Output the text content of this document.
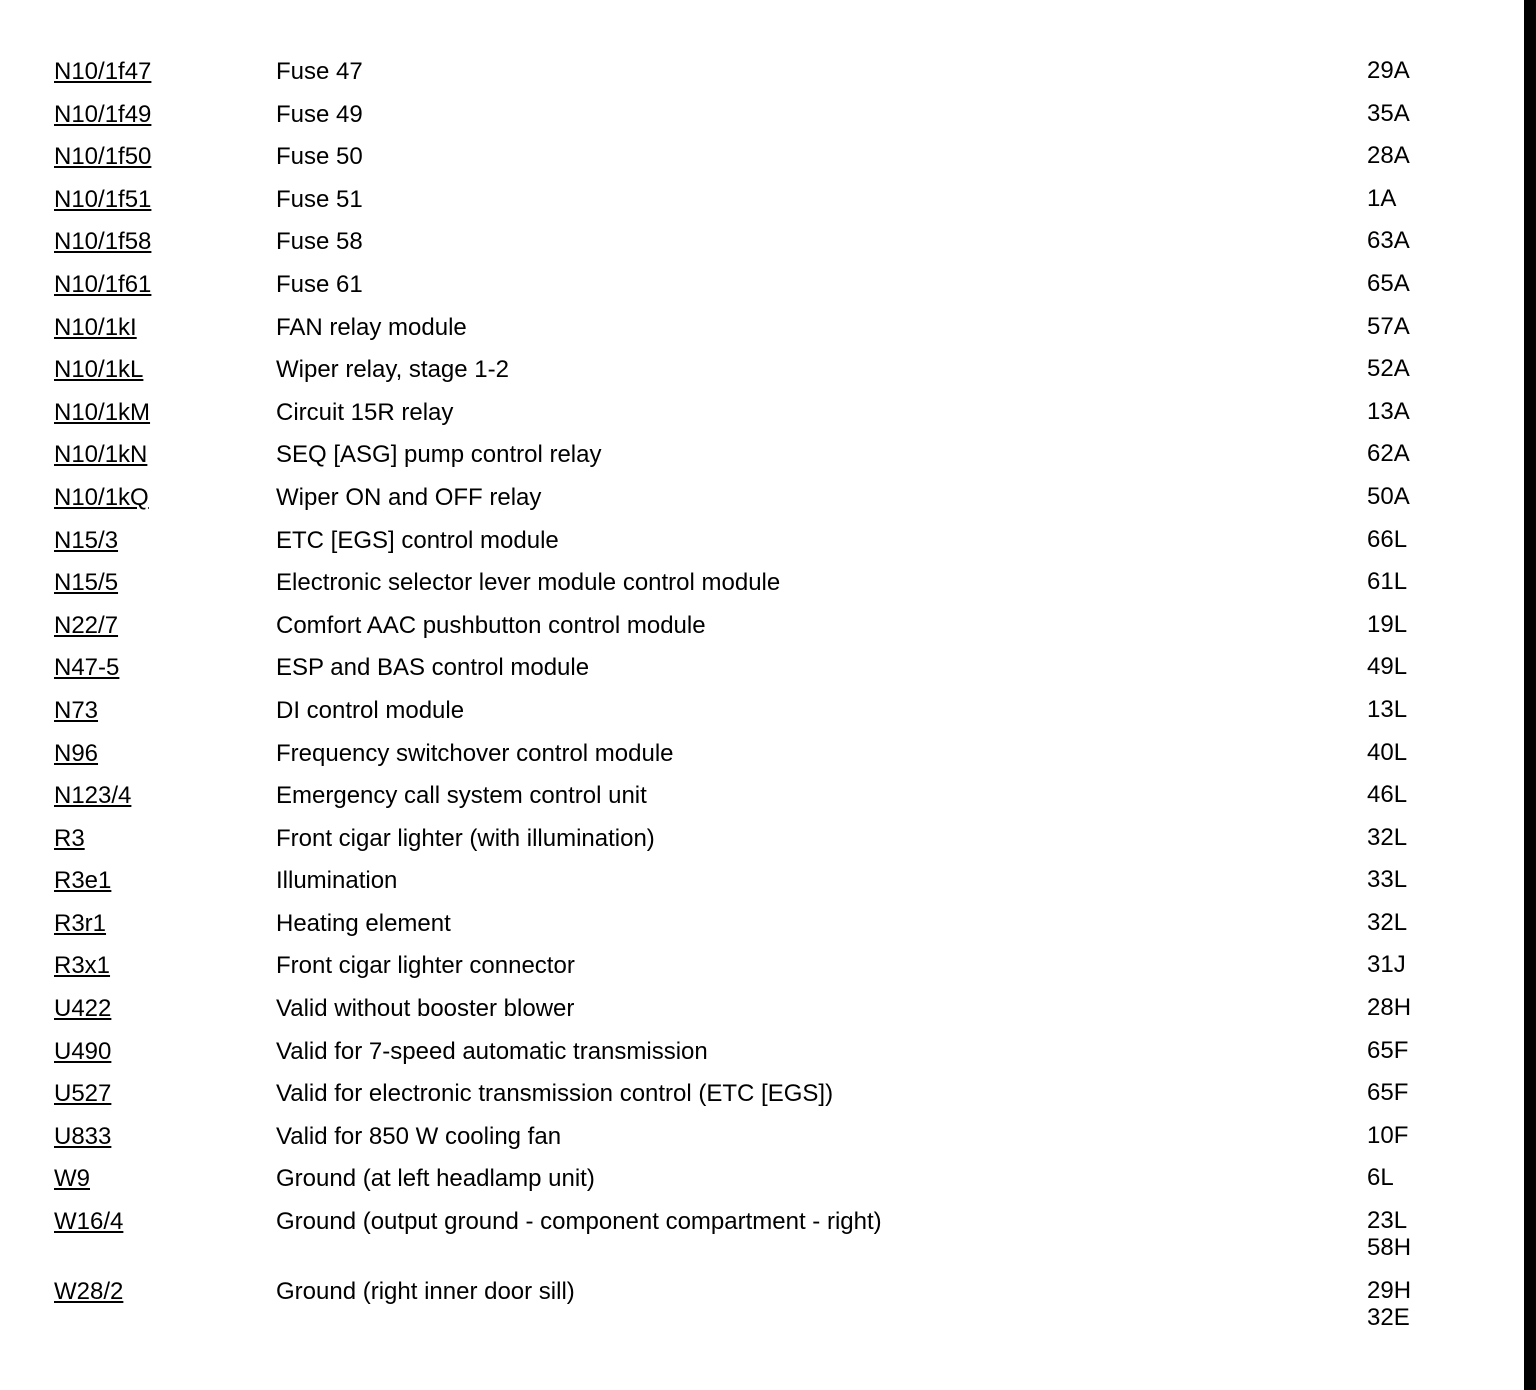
N10/1f47	Fuse 47	29A
N10/1f49	Fuse 49	35A
N10/1f50	Fuse 50	28A
N10/1f51	Fuse 51	1A
N10/1f58	Fuse 58	63A
N10/1f61	Fuse 61	65A
N10/1kI	FAN relay module	57A
N10/1kL	Wiper relay, stage 1-2	52A
N10/1kM	Circuit 15R relay	13A
N10/1kN	SEQ [ASG] pump control relay	62A
N10/1kQ	Wiper ON and OFF relay	50A
N15/3	ETC [EGS] control module	66L
N15/5	Electronic selector lever module control module	61L
N22/7	Comfort AAC pushbutton control module	19L
N47-5	ESP and BAS control module	49L
N73	DI control module	13L
N96	Frequency switchover control module	40L
N123/4	Emergency call system control unit	46L
R3	Front cigar lighter (with illumination)	32L
R3e1	Illumination	33L
R3r1	Heating element	32L
R3x1	Front cigar lighter connector	31J
U422	Valid without booster blower	28H
U490	Valid for 7-speed automatic transmission	65F
U527	Valid for electronic transmission control (ETC [EGS])	65F
U833	Valid for 850 W cooling fan	10F
W9	Ground (at left headlamp unit)	6L
W16/4	Ground (output ground - component compartment - right)	23L
58H
W28/2	Ground (right inner door sill)	29H
32E
